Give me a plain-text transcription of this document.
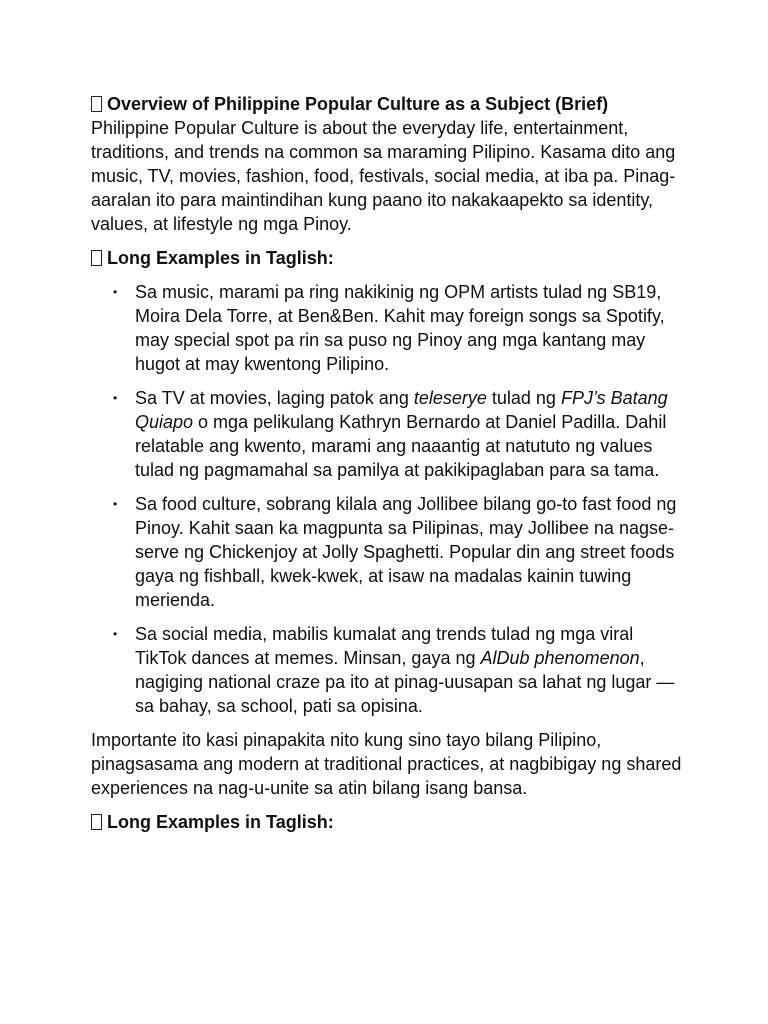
Overview of Philippine Popular Culture as a Subject (Brief)

Philippine Popular Culture is about the everyday life, entertainment, traditions, and trends na common sa maraming Pilipino. Kasama dito ang music, TV, movies, fashion, food, festivals, social media, at iba pa. Pinag-aaralan ito para maintindihan kung paano ito nakakaapekto sa identity, values, at lifestyle ng mga Pinoy.

Long Examples in Taglish:

• Sa music, marami pa ring nakikinig ng OPM artists tulad ng SB19, Moira Dela Torre, at Ben&Ben. Kahit may foreign songs sa Spotify, may special spot pa rin sa puso ng Pinoy ang mga kantang may hugot at may kwentong Pilipino.
• Sa TV at movies, laging patok ang teleserye tulad ng FPJ’s Batang Quiapo o mga pelikulang Kathryn Bernardo at Daniel Padilla. Dahil relatable ang kwento, marami ang naaantig at natututo ng values tulad ng pagmamahal sa pamilya at pakikipaglaban para sa tama.
• Sa food culture, sobrang kilala ang Jollibee bilang go-to fast food ng Pinoy. Kahit saan ka magpunta sa Pilipinas, may Jollibee na nagse-serve ng Chickenjoy at Jolly Spaghetti. Popular din ang street foods gaya ng fishball, kwek-kwek, at isaw na madalas kainin tuwing merienda.
• Sa social media, mabilis kumalat ang trends tulad ng mga viral TikTok dances at memes. Minsan, gaya ng AlDub phenomenon, nagiging national craze pa ito at pinag-uusapan sa lahat ng lugar — sa bahay, sa school, pati sa opisina.

Importante ito kasi pinapakita nito kung sino tayo bilang Pilipino, pinagsasama ang modern at traditional practices, at nagbibigay ng shared experiences na nag-u-unite sa atin bilang isang bansa.

Long Examples in Taglish:
